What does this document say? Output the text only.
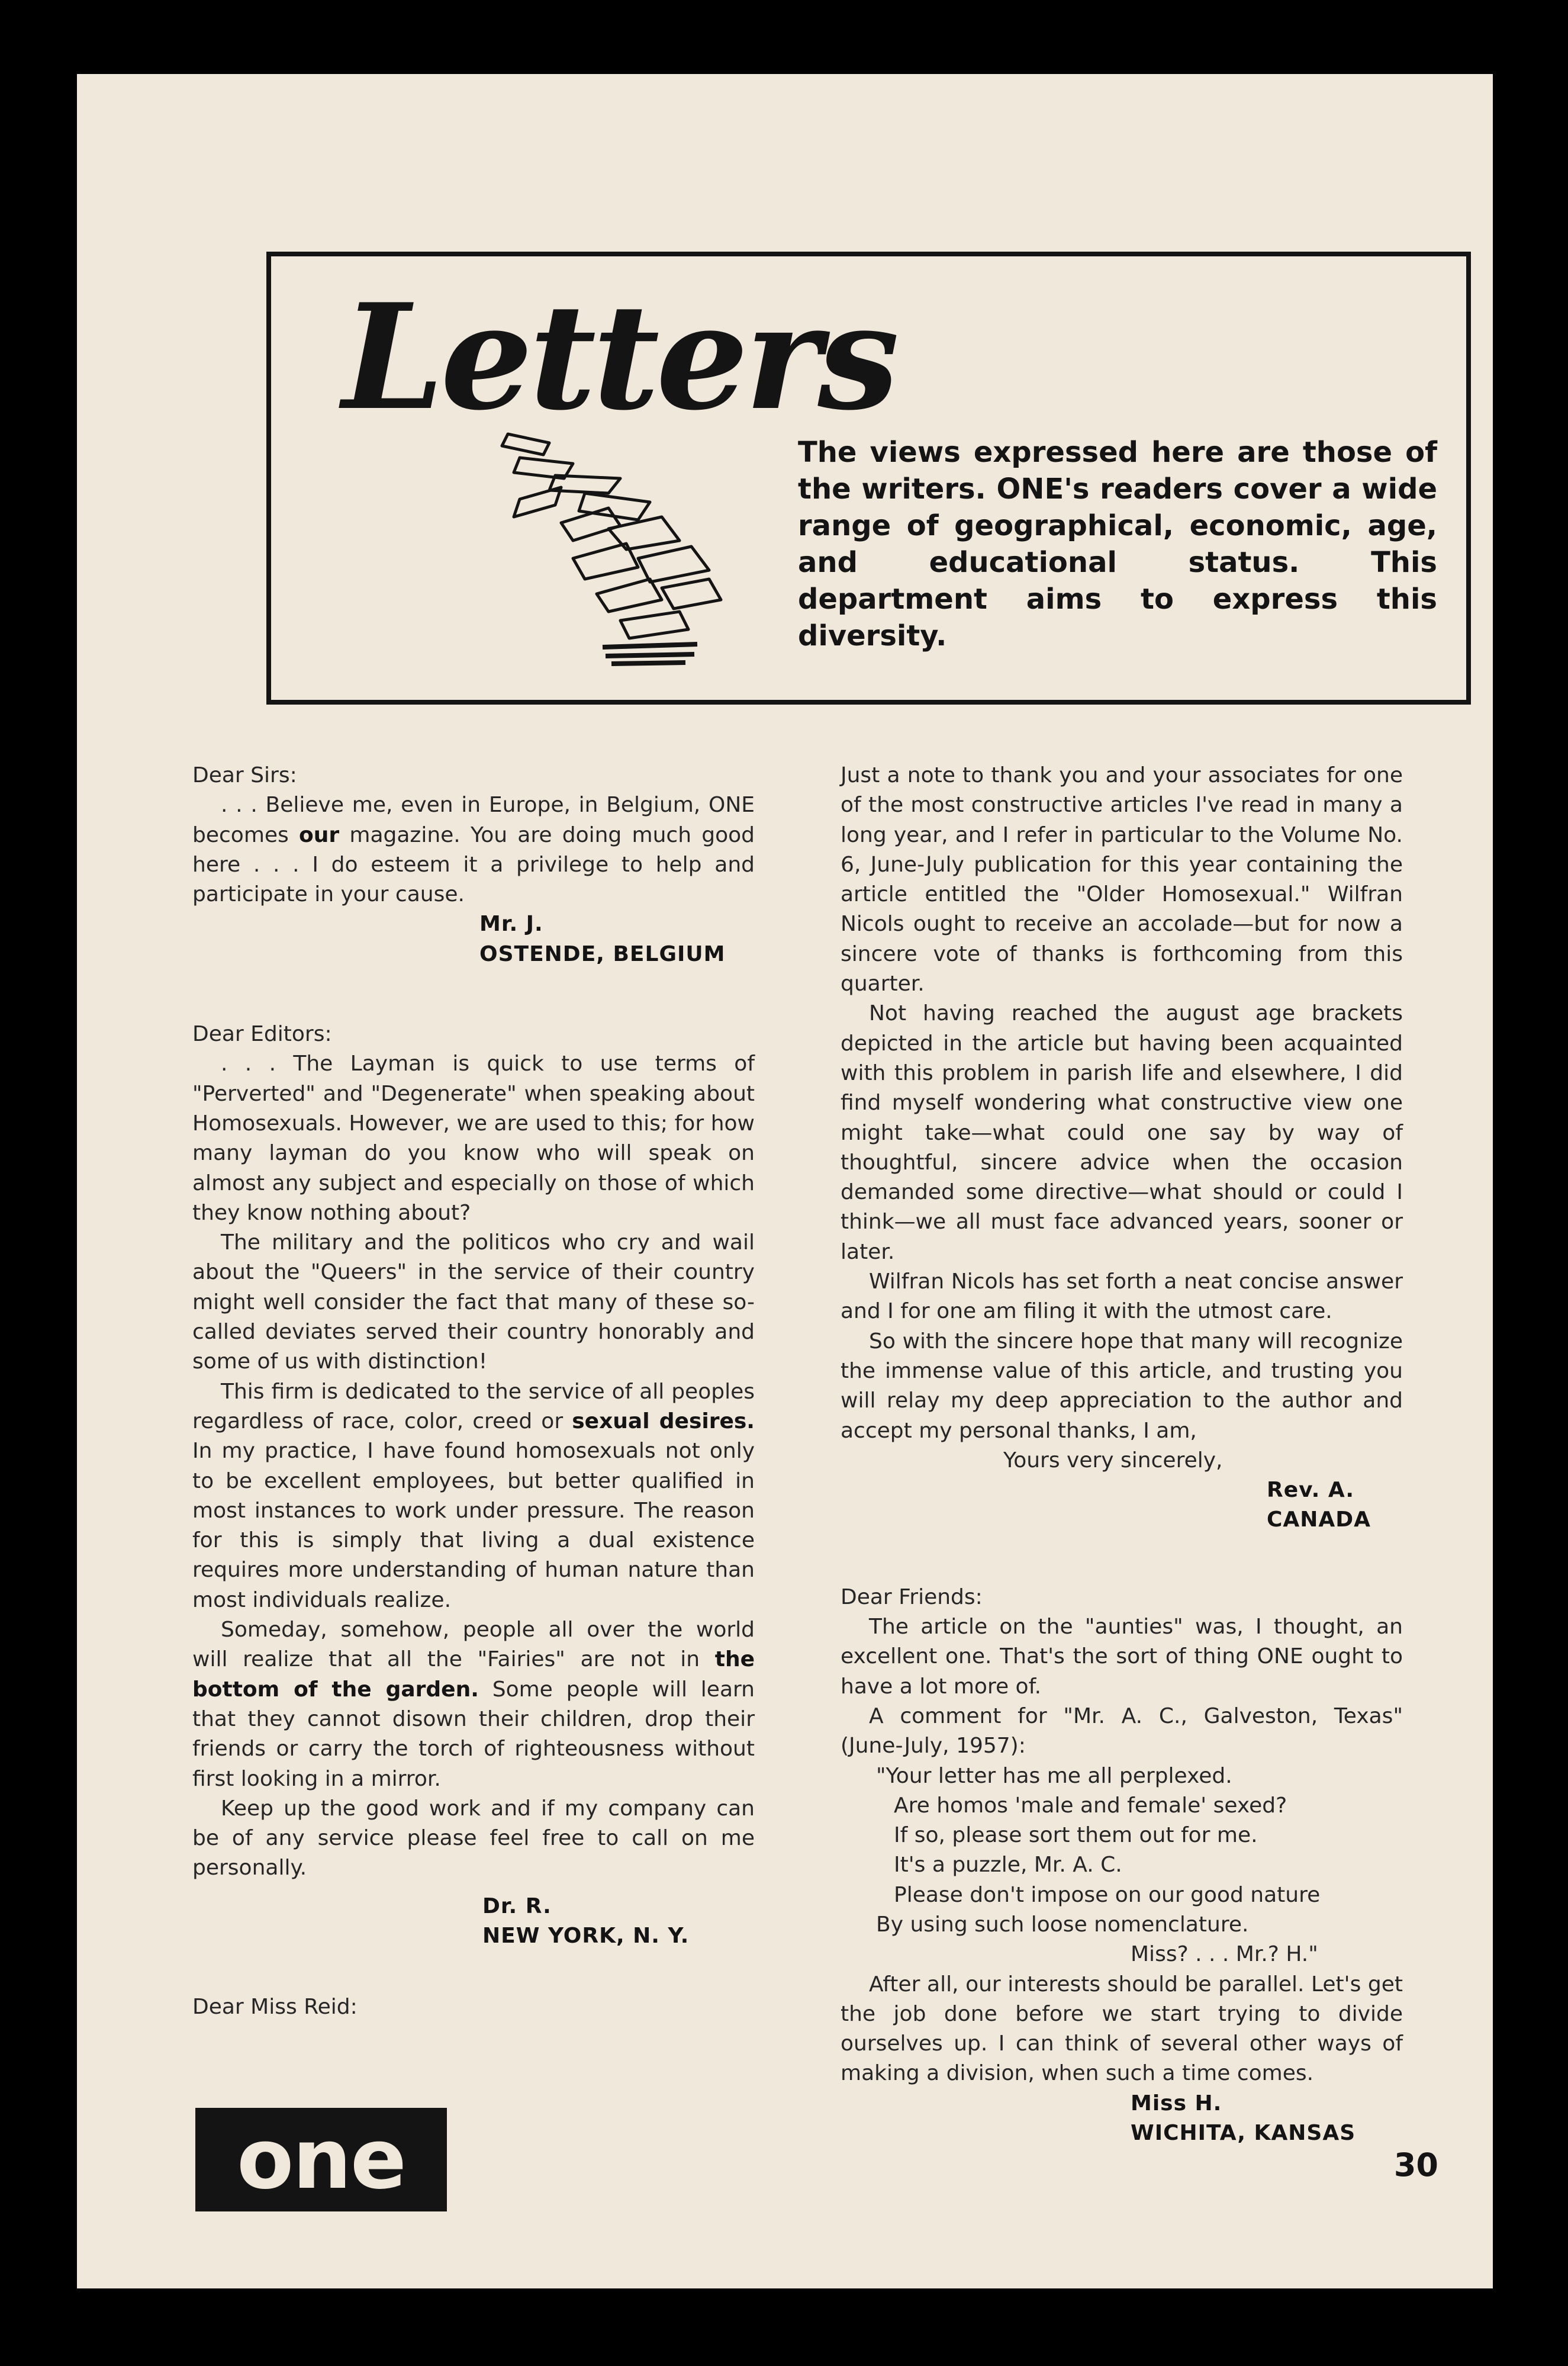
Letters

The views expressed here are those of the writers. ONE's readers cover a wide range of geographical, economic, age, and educational status. This department aims to express this diversity.

Dear Sirs:

. . . Believe me, even in Europe, in Belgium, ONE becomes our magazine. You are doing much good here . . . I do esteem it a privilege to help and participate in your cause.

Mr. J.

OSTENDE, BELGIUM

Dear Editors:

. . . The Layman is quick to use terms of "Perverted" and "Degenerate" when speaking about Homosexuals. However, we are used to this; for how many layman do you know who will speak on almost any subject and especially on those of which they know nothing about?

The military and the politicos who cry and wail about the "Queers" in the service of their country might well consider the fact that many of these so-called deviates served their country honorably and some of us with distinction!

This firm is dedicated to the service of all peoples regardless of race, color, creed or sexual desires. In my practice, I have found homosexuals not only to be excellent employees, but better qualified in most instances to work under pressure. The reason for this is simply that living a dual existence requires more understanding of human nature than most individuals realize.

Someday, somehow, people all over the world will realize that all the "Fairies" are not in the bottom of the garden. Some people will learn that they cannot disown their children, drop their friends or carry the torch of righteousness without first looking in a mirror.

Keep up the good work and if my company can be of any service please feel free to call on me personally.

Dr. R.

NEW YORK, N. Y.

Dear Miss Reid:

Just a note to thank you and your associates for one of the most constructive articles I've read in many a long year, and I refer in particular to the Volume No. 6, June-July publication for this year containing the article entitled the "Older Homosexual." Wilfran Nicols ought to receive an accolade—but for now a sincere vote of thanks is forthcoming from this quarter.

Not having reached the august age brackets depicted in the article but having been acquainted with this problem in parish life and elsewhere, I did find myself wondering what constructive view one might take—what could one say by way of thoughtful, sincere advice when the occasion demanded some directive—what should or could I think—we all must face advanced years, sooner or later.

Wilfran Nicols has set forth a neat concise answer and I for one am filing it with the utmost care.

So with the sincere hope that many will recognize the immense value of this article, and trusting you will relay my deep appreciation to the author and accept my personal thanks, I am,

Yours very sincerely,

Rev. A.

CANADA

Dear Friends:

The article on the "aunties" was, I thought, an excellent one. That's the sort of thing ONE ought to have a lot more of.

A comment for "Mr. A. C., Galveston, Texas" (June-July, 1957):

"Your letter has me all perplexed.

Are homos 'male and female' sexed?

If so, please sort them out for me.

It's a puzzle, Mr. A. C.

Please don't impose on our good nature

By using such loose nomenclature.

Miss? . . . Mr.? H."

After all, our interests should be parallel. Let's get the job done before we start trying to divide ourselves up. I can think of several other ways of making a division, when such a time comes.

Miss H.

WICHITA, KANSAS

one	30
